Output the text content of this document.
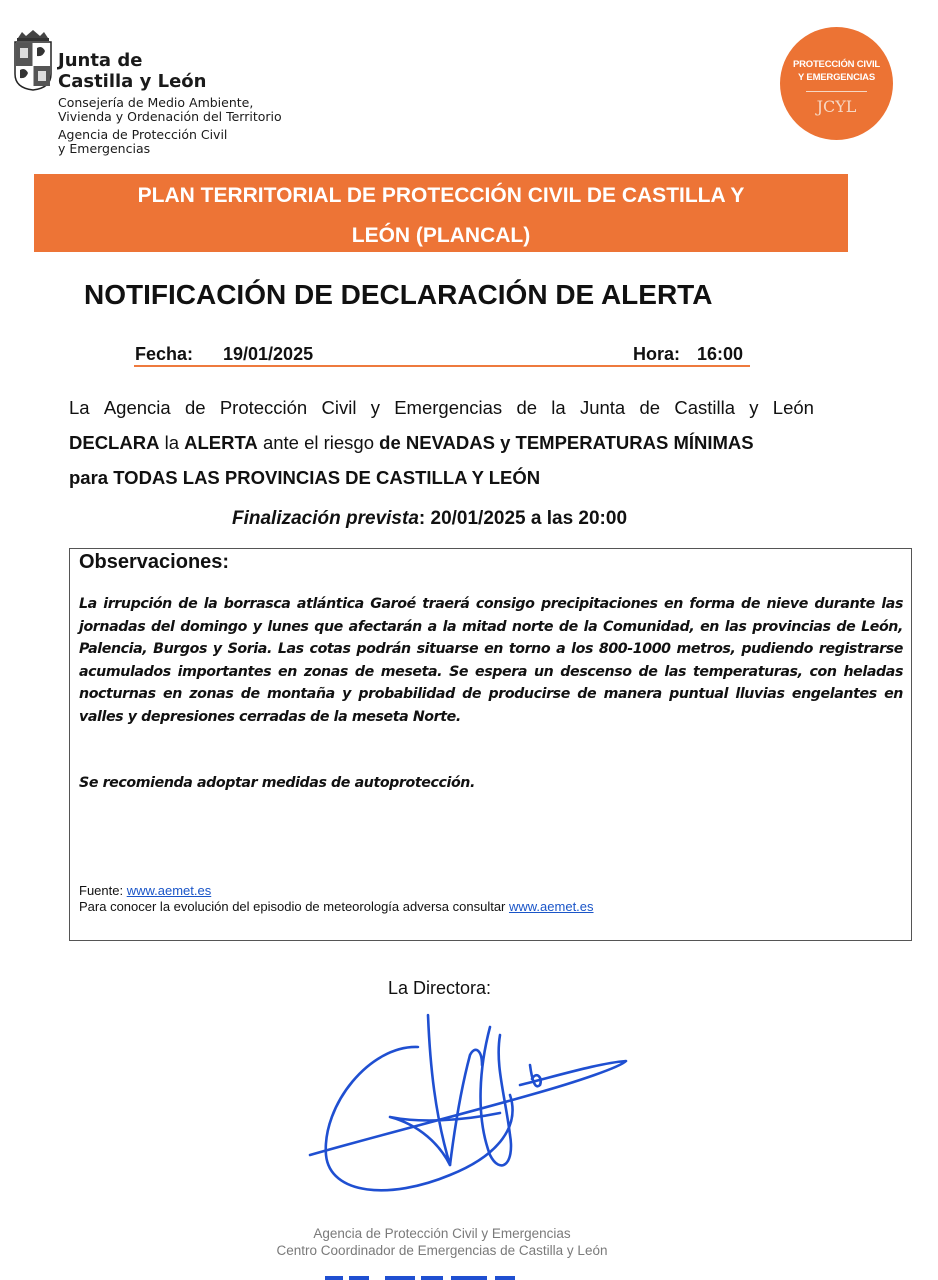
Junta de
Castilla y León
Consejería de Medio Ambiente,
Vivienda y Ordenación del Territorio
Agencia de Protección Civil
y Emergencias
PROTECCIÓN CIVIL
Y EMERGENCIAS
JCYL
PLAN TERRITORIAL DE PROTECCIÓN CIVIL DE CASTILLA Y
LEÓN (PLANCAL)
NOTIFICACIÓN DE DECLARACIÓN DE ALERTA
Fecha: 19/01/2025	Hora: 16:00
La Agencia de Protección Civil y Emergencias de la Junta de Castilla y León
DECLARA la ALERTA ante el riesgo de NEVADAS y TEMPERATURAS MÍNIMAS
para TODAS LAS PROVINCIAS DE CASTILLA Y LEÓN
Finalización prevista: 20/01/2025 a las 20:00
Observaciones:
La irrupción de la borrasca atlántica Garoé traerá consigo precipitaciones en forma de nieve durante las jornadas del domingo y lunes que afectarán a la mitad norte de la Comunidad, en las provincias de León, Palencia, Burgos y Soria. Las cotas podrán situarse en torno a los 800-1000 metros, pudiendo registrarse acumulados importantes en zonas de meseta. Se espera un descenso de las temperaturas, con heladas nocturnas en zonas de montaña y probabilidad de producirse de manera puntual lluvias engelantes en valles y depresiones cerradas de la meseta Norte.
Se recomienda adoptar medidas de autoprotección.
Fuente: www.aemet.es
Para conocer la evolución del episodio de meteorología adversa consultar www.aemet.es
La Directora:
Agencia de Protección Civil y Emergencias
Centro Coordinador de Emergencias de Castilla y León
